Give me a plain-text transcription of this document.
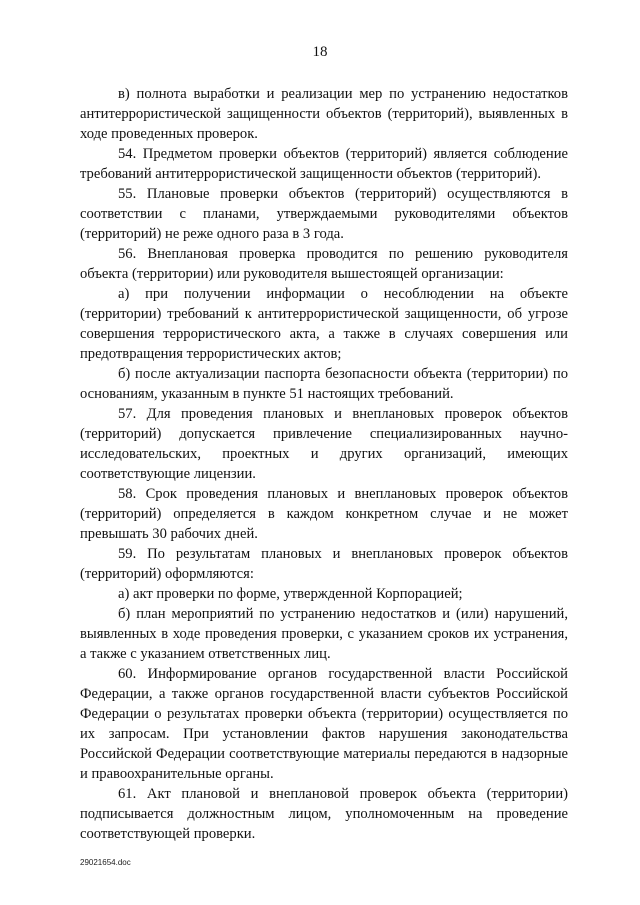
18

в) полнота выработки и реализации мер по устранению недостатков антитеррористической защищенности объектов (территорий), выявленных в ходе проведенных проверок.

54. Предметом проверки объектов (территорий) является соблюдение требований антитеррористической защищенности объектов (территорий).

55. Плановые проверки объектов (территорий) осуществляются в соответствии с планами, утверждаемыми руководителями объектов (территорий) не реже одного раза в 3 года.

56. Внеплановая проверка проводится по решению руководителя объекта (территории) или руководителя вышестоящей организации:

а) при получении информации о несоблюдении на объекте (территории) требований к антитеррористической защищенности, об угрозе совершения террористического акта, а также в случаях совершения или предотвращения террористических актов;

б) после актуализации паспорта безопасности объекта (территории) по основаниям, указанным в пункте 51 настоящих требований.

57. Для проведения плановых и внеплановых проверок объектов (территорий) допускается привлечение специализированных научно-исследовательских, проектных и других организаций, имеющих соответствующие лицензии.

58. Срок проведения плановых и внеплановых проверок объектов (территорий) определяется в каждом конкретном случае и не может превышать 30 рабочих дней.

59. По результатам плановых и внеплановых проверок объектов (территорий) оформляются:

а) акт проверки по форме, утвержденной Корпорацией;

б) план мероприятий по устранению недостатков и (или) нарушений, выявленных в ходе проведения проверки, с указанием сроков их устранения, а также с указанием ответственных лиц.

60. Информирование органов государственной власти Российской Федерации, а также органов государственной власти субъектов Российской Федерации о результатах проверки объекта (территории) осуществляется по их запросам. При установлении фактов нарушения законодательства Российской Федерации соответствующие материалы передаются в надзорные и правоохранительные органы.

61. Акт плановой и внеплановой проверок объекта (территории) подписывается должностным лицом, уполномоченным на проведение соответствующей проверки.

29021654.doc
